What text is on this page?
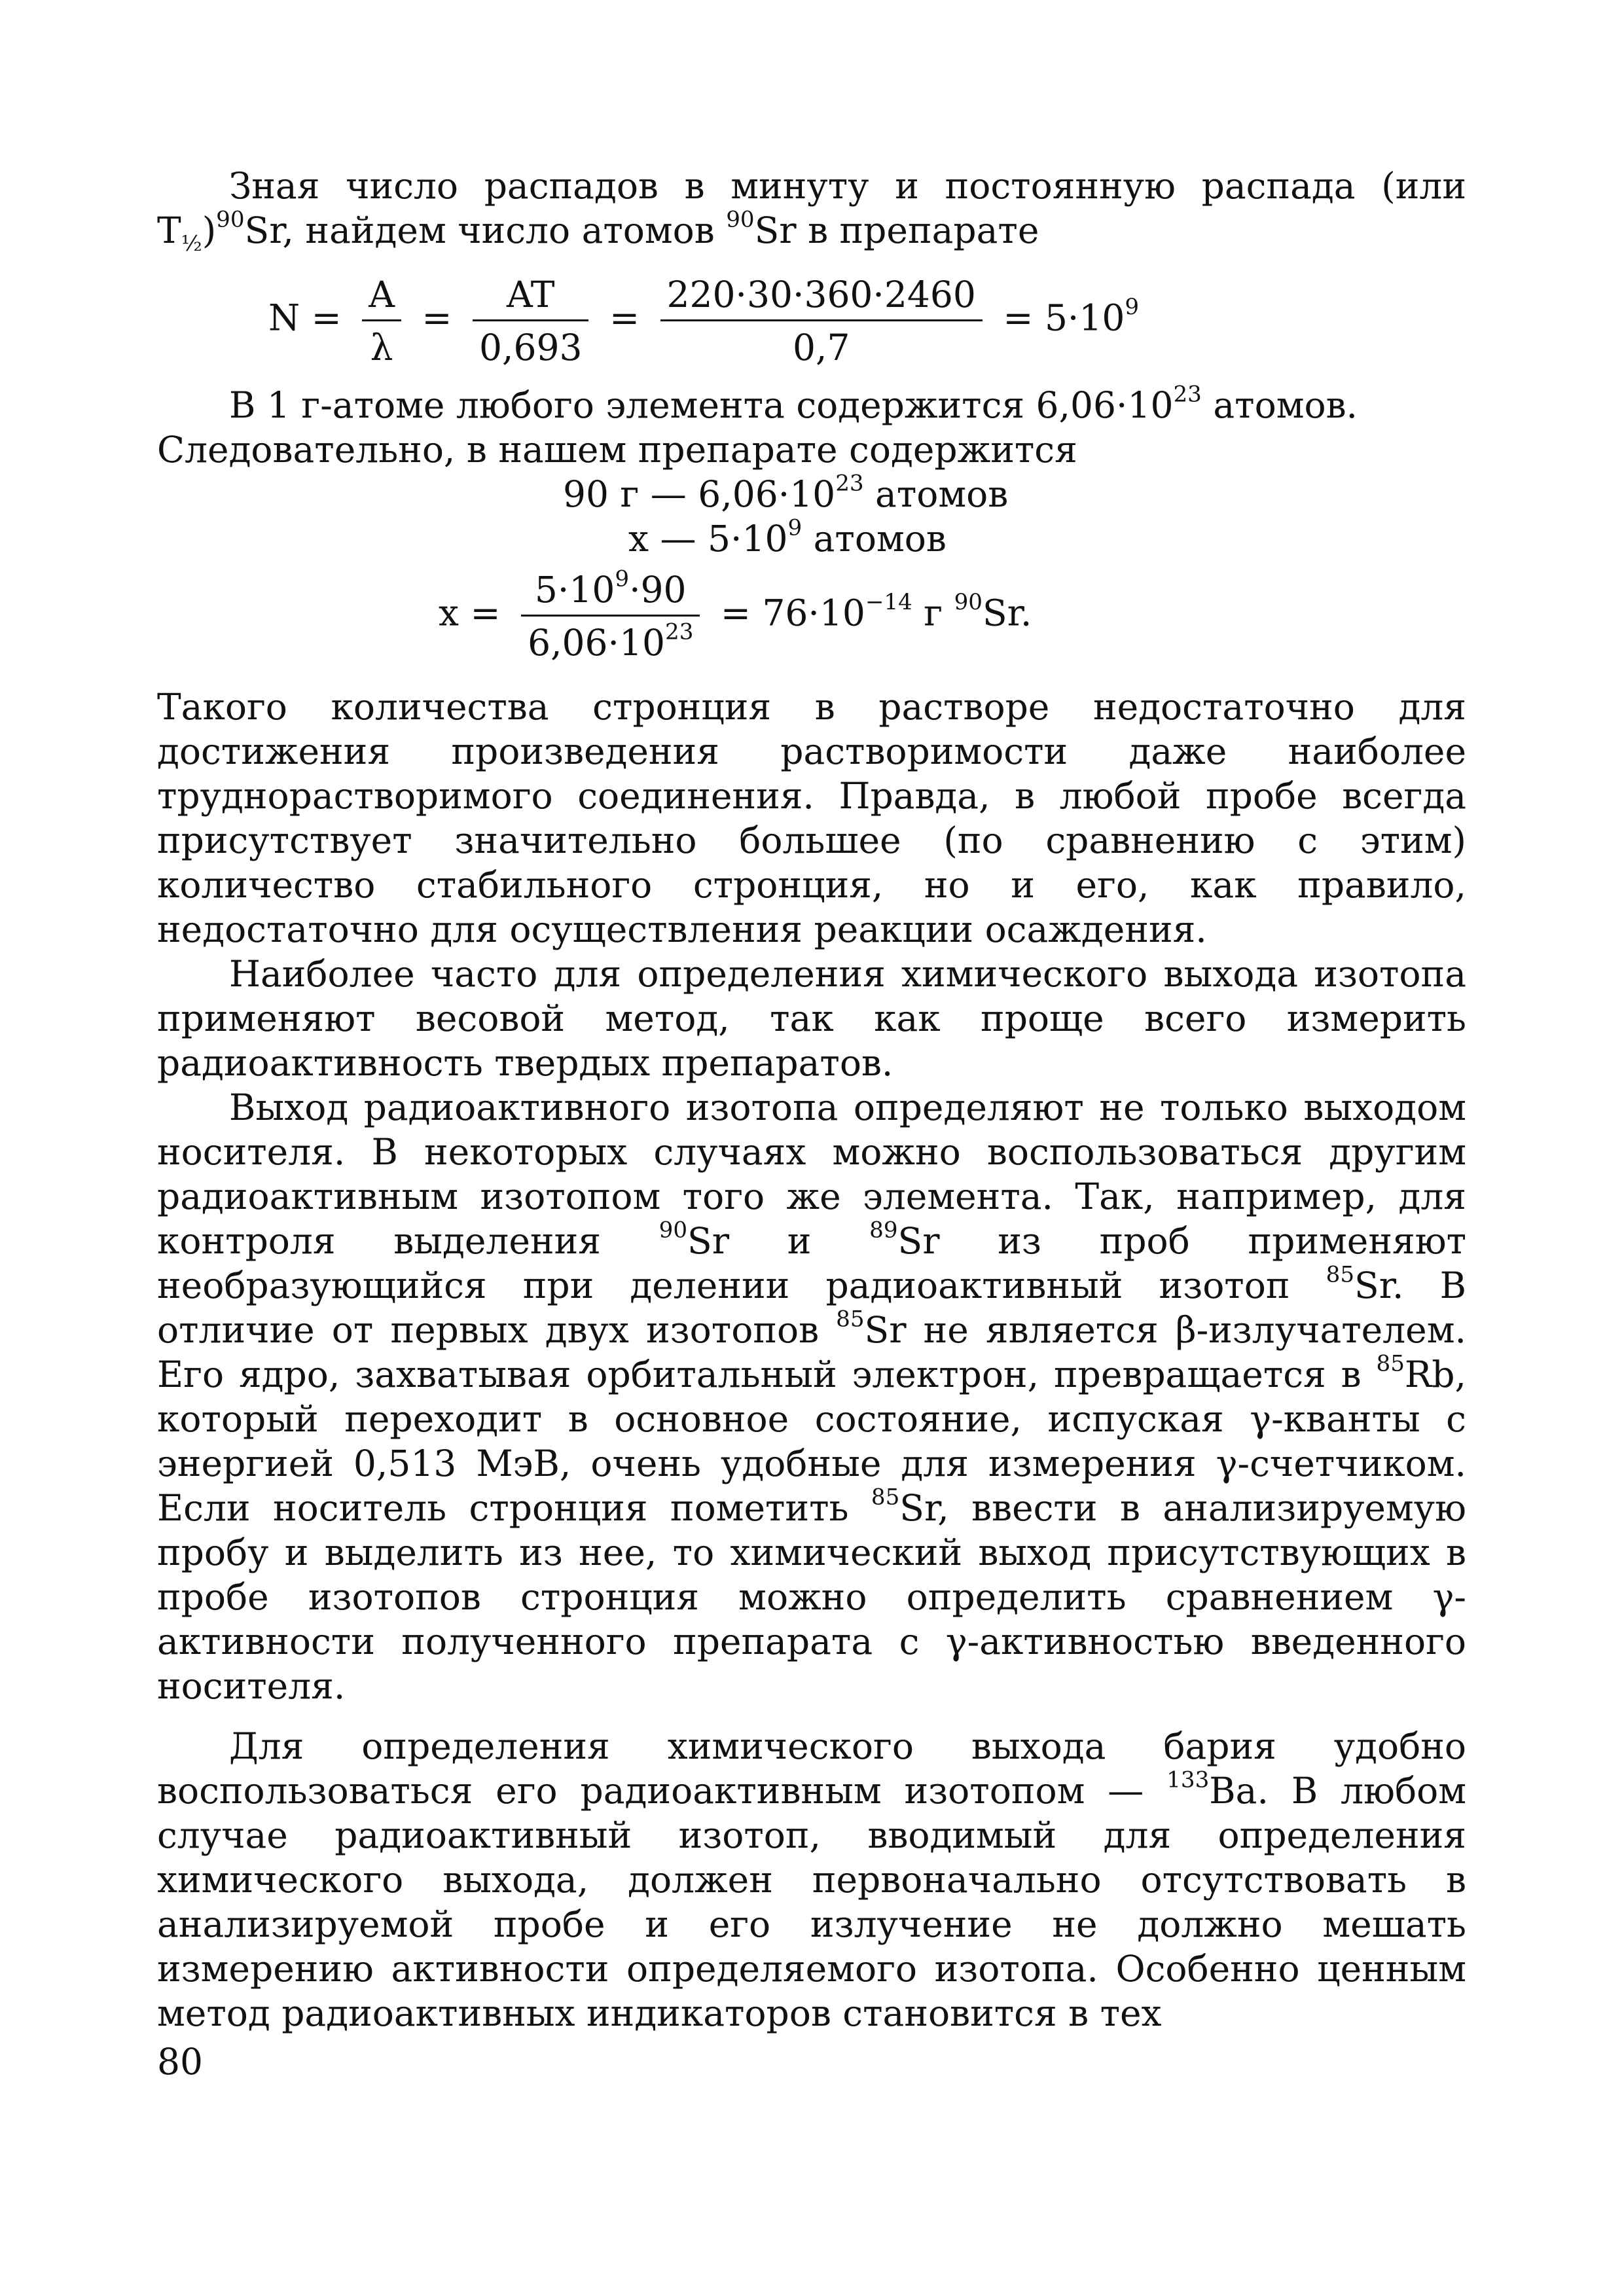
Зная число распадов в минуту и постоянную распада (или $T_{\frac{1}{2}})^{90}Sr$, найдем число атомов $^{90}$Sr в препарате

$N = \frac{A}{\lambda} = \frac{AT}{0,693} = \frac{220\cdot 30\cdot 360\cdot 2460}{0,7} = 5\cdot 10^9$

В 1 г-атоме любого элемента содержится $6,06\cdot 10^{23}$ атомов.

Следовательно, в нашем препарате содержится

90 г — $6,06\cdot 10^{23}$ атомов
x — $5\cdot 10^9$ атомов
$x = \frac{5\cdot 10^9\cdot 90}{6,06\cdot 10^{23}} = 76\cdot 10^{-14}$ г $^{90}$Sr.

Такого количества стронция в растворе недостаточно для достижения произведения растворимости даже наиболее труднорастворимого соединения. Правда, в любой пробе всегда присутствует значительно большее (по сравнению с этим) количество стабильного стронция, но и его, как правило, недостаточно для осуществления реакции осаждения.

Наиболее часто для определения химического выхода изотопа применяют весовой метод, так как проще всего измерить радиоактивность твердых препаратов.

Выход радиоактивного изотопа определяют не только выходом носителя. В некоторых случаях можно воспользоваться другим радиоактивным изотопом того же элемента. Так, например, для контроля выделения $^{90}$Sr и $^{89}$Sr из проб применяют необразующийся при делении радиоактивный изотоп $^{85}$Sr. В отличие от первых двух изотопов $^{85}$Sr не является β-излучателем. Его ядро, захватывая орбитальный электрон, превращается в $^{85}$Rb, который переходит в основное состояние, испуская γ-кванты с энергией 0,513 МэВ, очень удобные для измерения γ-счетчиком. Если носитель стронция пометить $^{85}$Sr, ввести в анализируемую пробу и выделить из нее, то химический выход присутствующих в пробе изотопов стронция можно определить сравнением γ-активности полученного препарата с γ-активностью введенного носителя.

Для определения химического выхода бария удобно воспользоваться его радиоактивным изотопом — $^{133}$Ba. В любом случае радиоактивный изотоп, вводимый для определения химического выхода, должен первоначально отсутствовать в анализируемой пробе и его излучение не должно мешать измерению активности определяемого изотопа. Особенно ценным метод радиоактивных индикаторов становится в тех

80
